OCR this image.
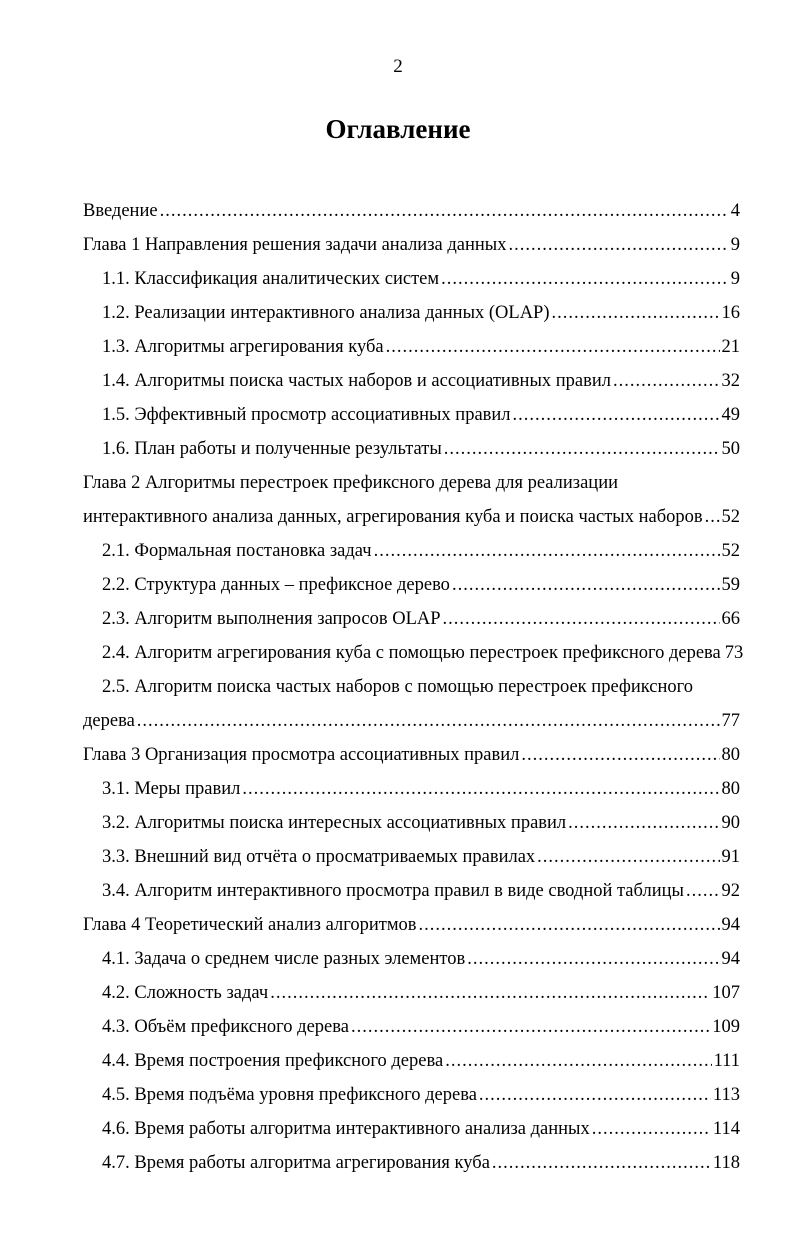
2
Оглавление
Введение .....	4
Глава 1 Направления решения задачи анализа данных .....	9
1.1. Классификация аналитических систем .....	9
1.2. Реализации интерактивного анализа данных (OLAP) .....	16
1.3. Алгоритмы агрегирования куба .....	21
1.4. Алгоритмы поиска частых наборов и ассоциативных правил .....	32
1.5. Эффективный просмотр ассоциативных правил .....	49
1.6. План работы и полученные результаты .....	50
Глава 2 Алгоритмы перестроек префиксного дерева для реализации
интерактивного анализа данных, агрегирования куба и поиска частых наборов ..... 52
2.1. Формальная постановка задач .....	52
2.2. Структура данных – префиксное дерево .....	59
2.3. Алгоритм выполнения запросов OLAP .....	66
2.4. Алгоритм агрегирования куба с помощью перестроек префиксного дерева 73
2.5. Алгоритм поиска частых наборов с помощью перестроек префиксного
дерева .....	77
Глава 3 Организация просмотра ассоциативных правил .....	80
3.1. Меры правил .....	80
3.2. Алгоритмы поиска интересных ассоциативных правил .....	90
3.3. Внешний вид отчёта о просматриваемых правилах .....	91
3.4. Алгоритм интерактивного просмотра правил в виде сводной таблицы ..... 92
Глава 4 Теоретический анализ алгоритмов .....	94
4.1. Задача о среднем числе разных элементов .....	94
4.2. Сложность задач .....	107
4.3. Объём префиксного дерева .....	109
4.4. Время построения префиксного дерева .....	111
4.5. Время подъёма уровня префиксного дерева .....	113
4.6. Время работы алгоритма интерактивного анализа данных .....	114
4.7. Время работы алгоритма агрегирования куба .....	118
